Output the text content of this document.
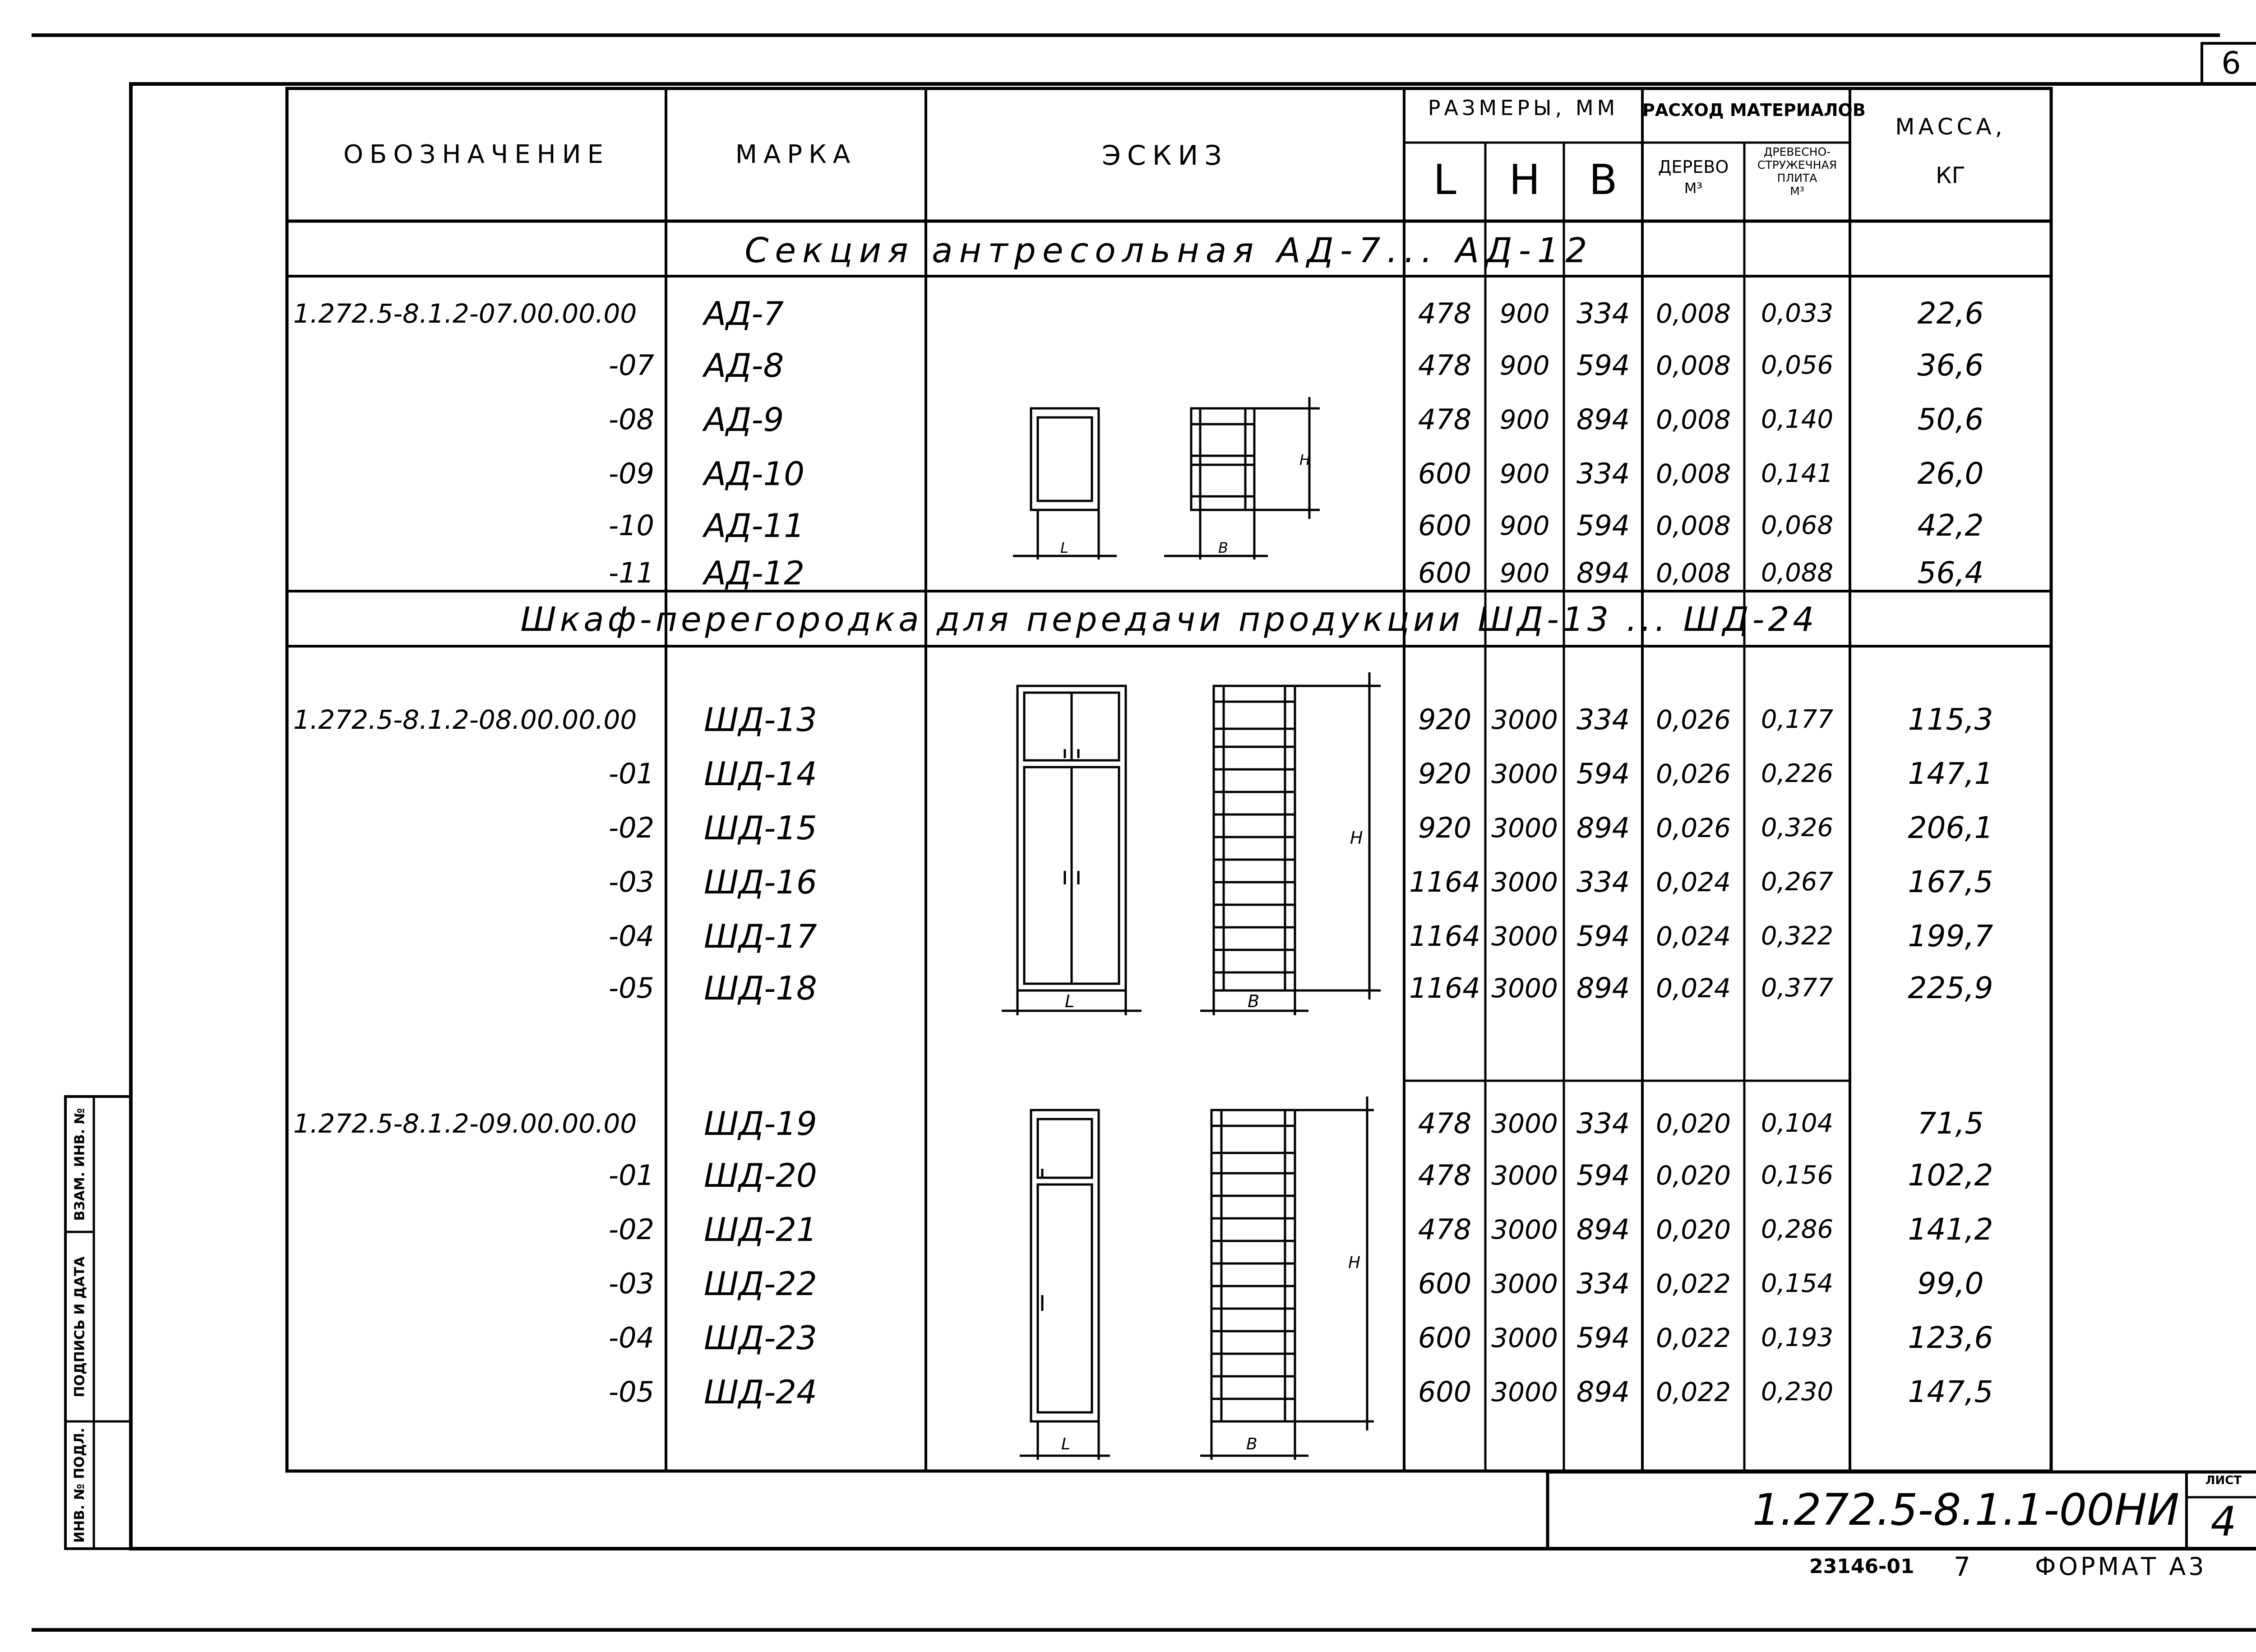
L	B
H
L	B
H
L	B
H
6
ОБОЗНАЧЕНИЕ	МАРКА	ЭСКИЗ
РАЗМЕРЫ, ММ
L	H	B
РАСХОД МАТЕРИАЛОВ
ДЕРЕВО
М³
ДРЕВЕСНО-
СТРУЖЕЧНАЯ
ПЛИТА
М³
МАССА,
КГ
Секция антресольная АД-7... АД-12
Шкаф-перегородка для передачи продукции ШД-13 ... ШД-24
1.272.5-8.1.2-07.00.00.00	АД-7	478	900 334 0,008	0,033	22,6
-07 АД-8	478	900 594 0,008	0,056	36,6
-08 АД-9	478	900 894 0,008	0,140	50,6
-09 АД-10	600	900 334 0,008	0,141	26,0
-10 АД-11	600	900 594 0,008	0,068	42,2
-11 АД-12	600	900 894 0,008	0,088	56,4
1.272.5-8.1.2-08.00.00.00	ШД-13	920 3000 334 0,026	0,177	115,3
-01 ШД-14	920 3000 594 0,026	0,226	147,1
-02 ШД-15	920 3000 894 0,026	0,326	206,1
-03 ШД-16	1164 3000 334 0,024	0,267	167,5
-04 ШД-17	1164 3000 594 0,024	0,322	199,7
-05 ШД-18	1164 3000 894 0,024	0,377	225,9
1.272.5-8.1.2-09.00.00.00	ШД-19	478 3000 334 0,020	0,104	71,5
-01 ШД-20	478 3000 594 0,020	0,156	102,2
-02 ШД-21	478 3000 894 0,020	0,286	141,2
-03 ШД-22	600 3000 334 0,022	0,154	99,0
-04 ШД-23	600 3000 594 0,022	0,193	123,6
-05 ШД-24	600 3000 894 0,022	0,230	147,5
ИНВ. № ПОДЛ.
ПОДПИСЬ И ДАТА
ВЗАМ. ИНВ. №
1.272.5-8.1.1-00НИ
ЛИСТ
4
23146-01 7	ФОРМАТ А3
